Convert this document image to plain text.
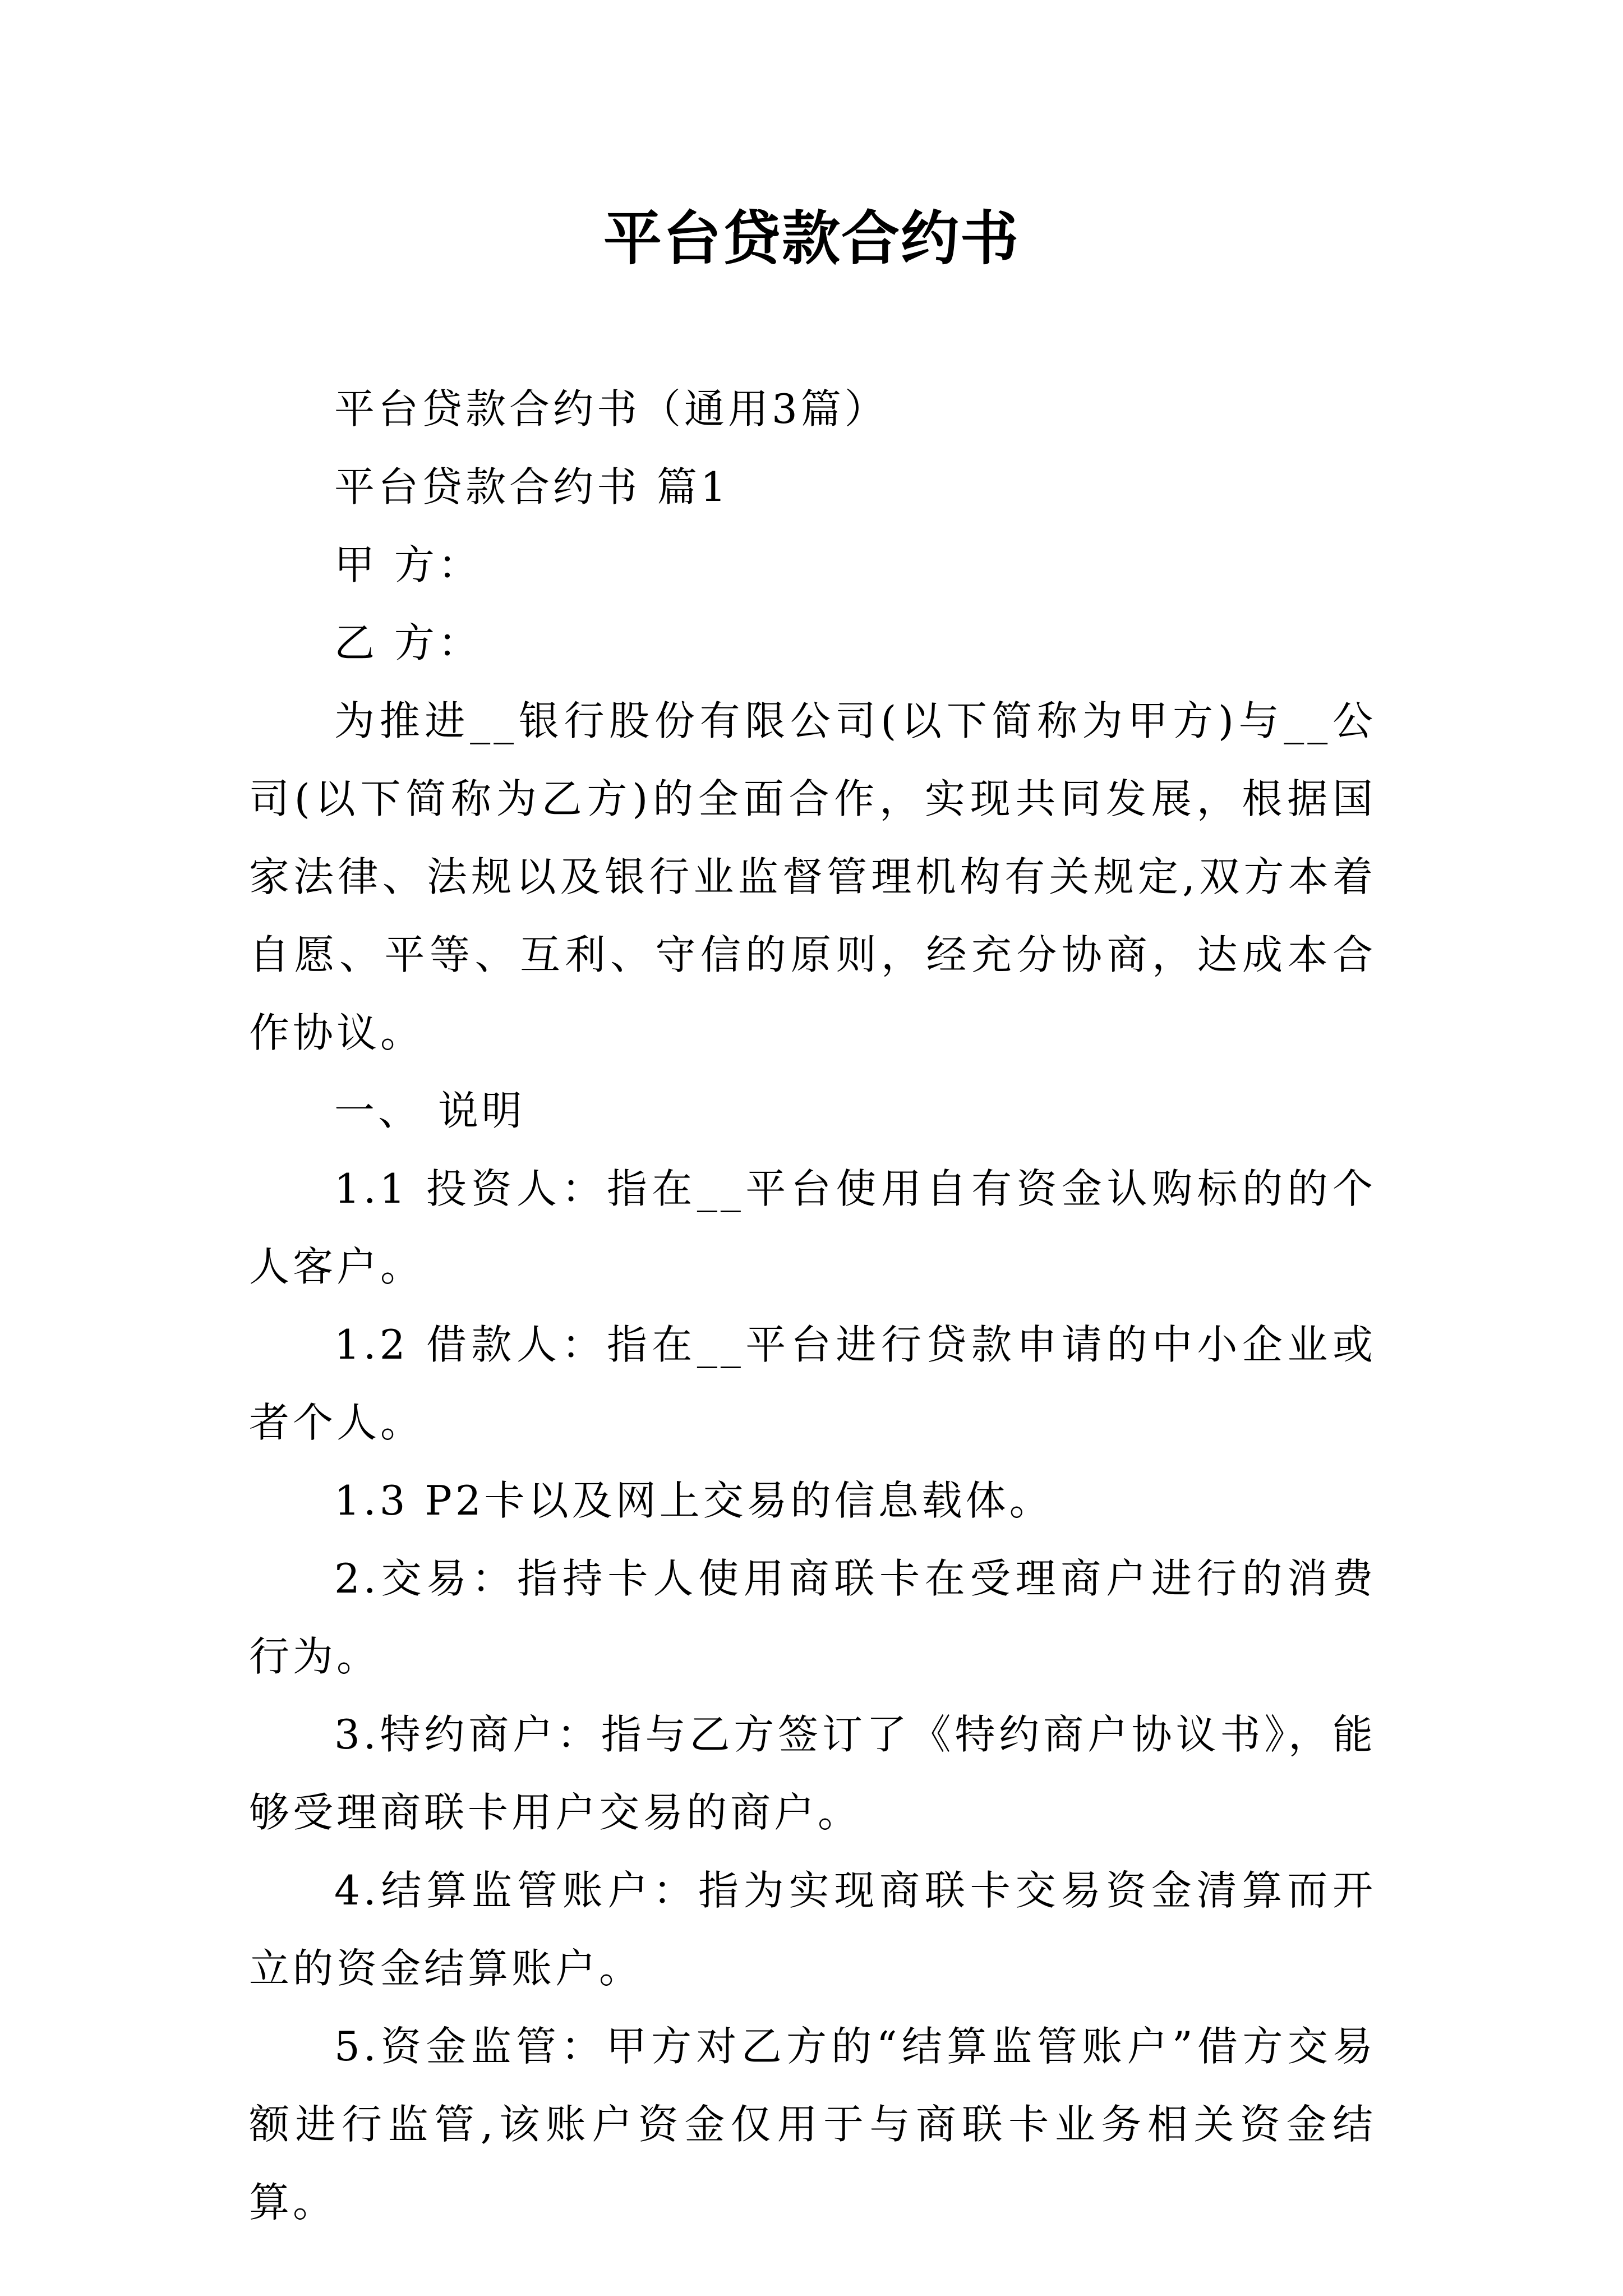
平台贷款合约书

平台贷款合约书（通用3篇）

平台贷款合约书 篇1

甲 方：

乙 方：

为推进__银行股份有限公司(以下简称为甲方)与__公司(以下简称为乙方)的全面合作，实现共同发展，根据国家法律、法规以及银行业监督管理机构有关规定,双方本着自愿、平等、互利、守信的原则，经充分协商，达成本合作协议。

一、 说明

1.1 投资人：指在__平台使用自有资金认购标的的个人客户。

1.2 借款人：指在__平台进行贷款申请的中小企业或者个人。

1.3 P2卡以及网上交易的信息载体。

2.交易：指持卡人使用商联卡在受理商户进行的消费行为。

3.特约商户：指与乙方签订了《特约商户协议书》，能够受理商联卡用户交易的商户。

4.结算监管账户：指为实现商联卡交易资金清算而开立的资金结算账户。

5.资金监管：甲方对乙方的“结算监管账户”借方交易额进行监管,该账户资金仅用于与商联卡业务相关资金结算。
